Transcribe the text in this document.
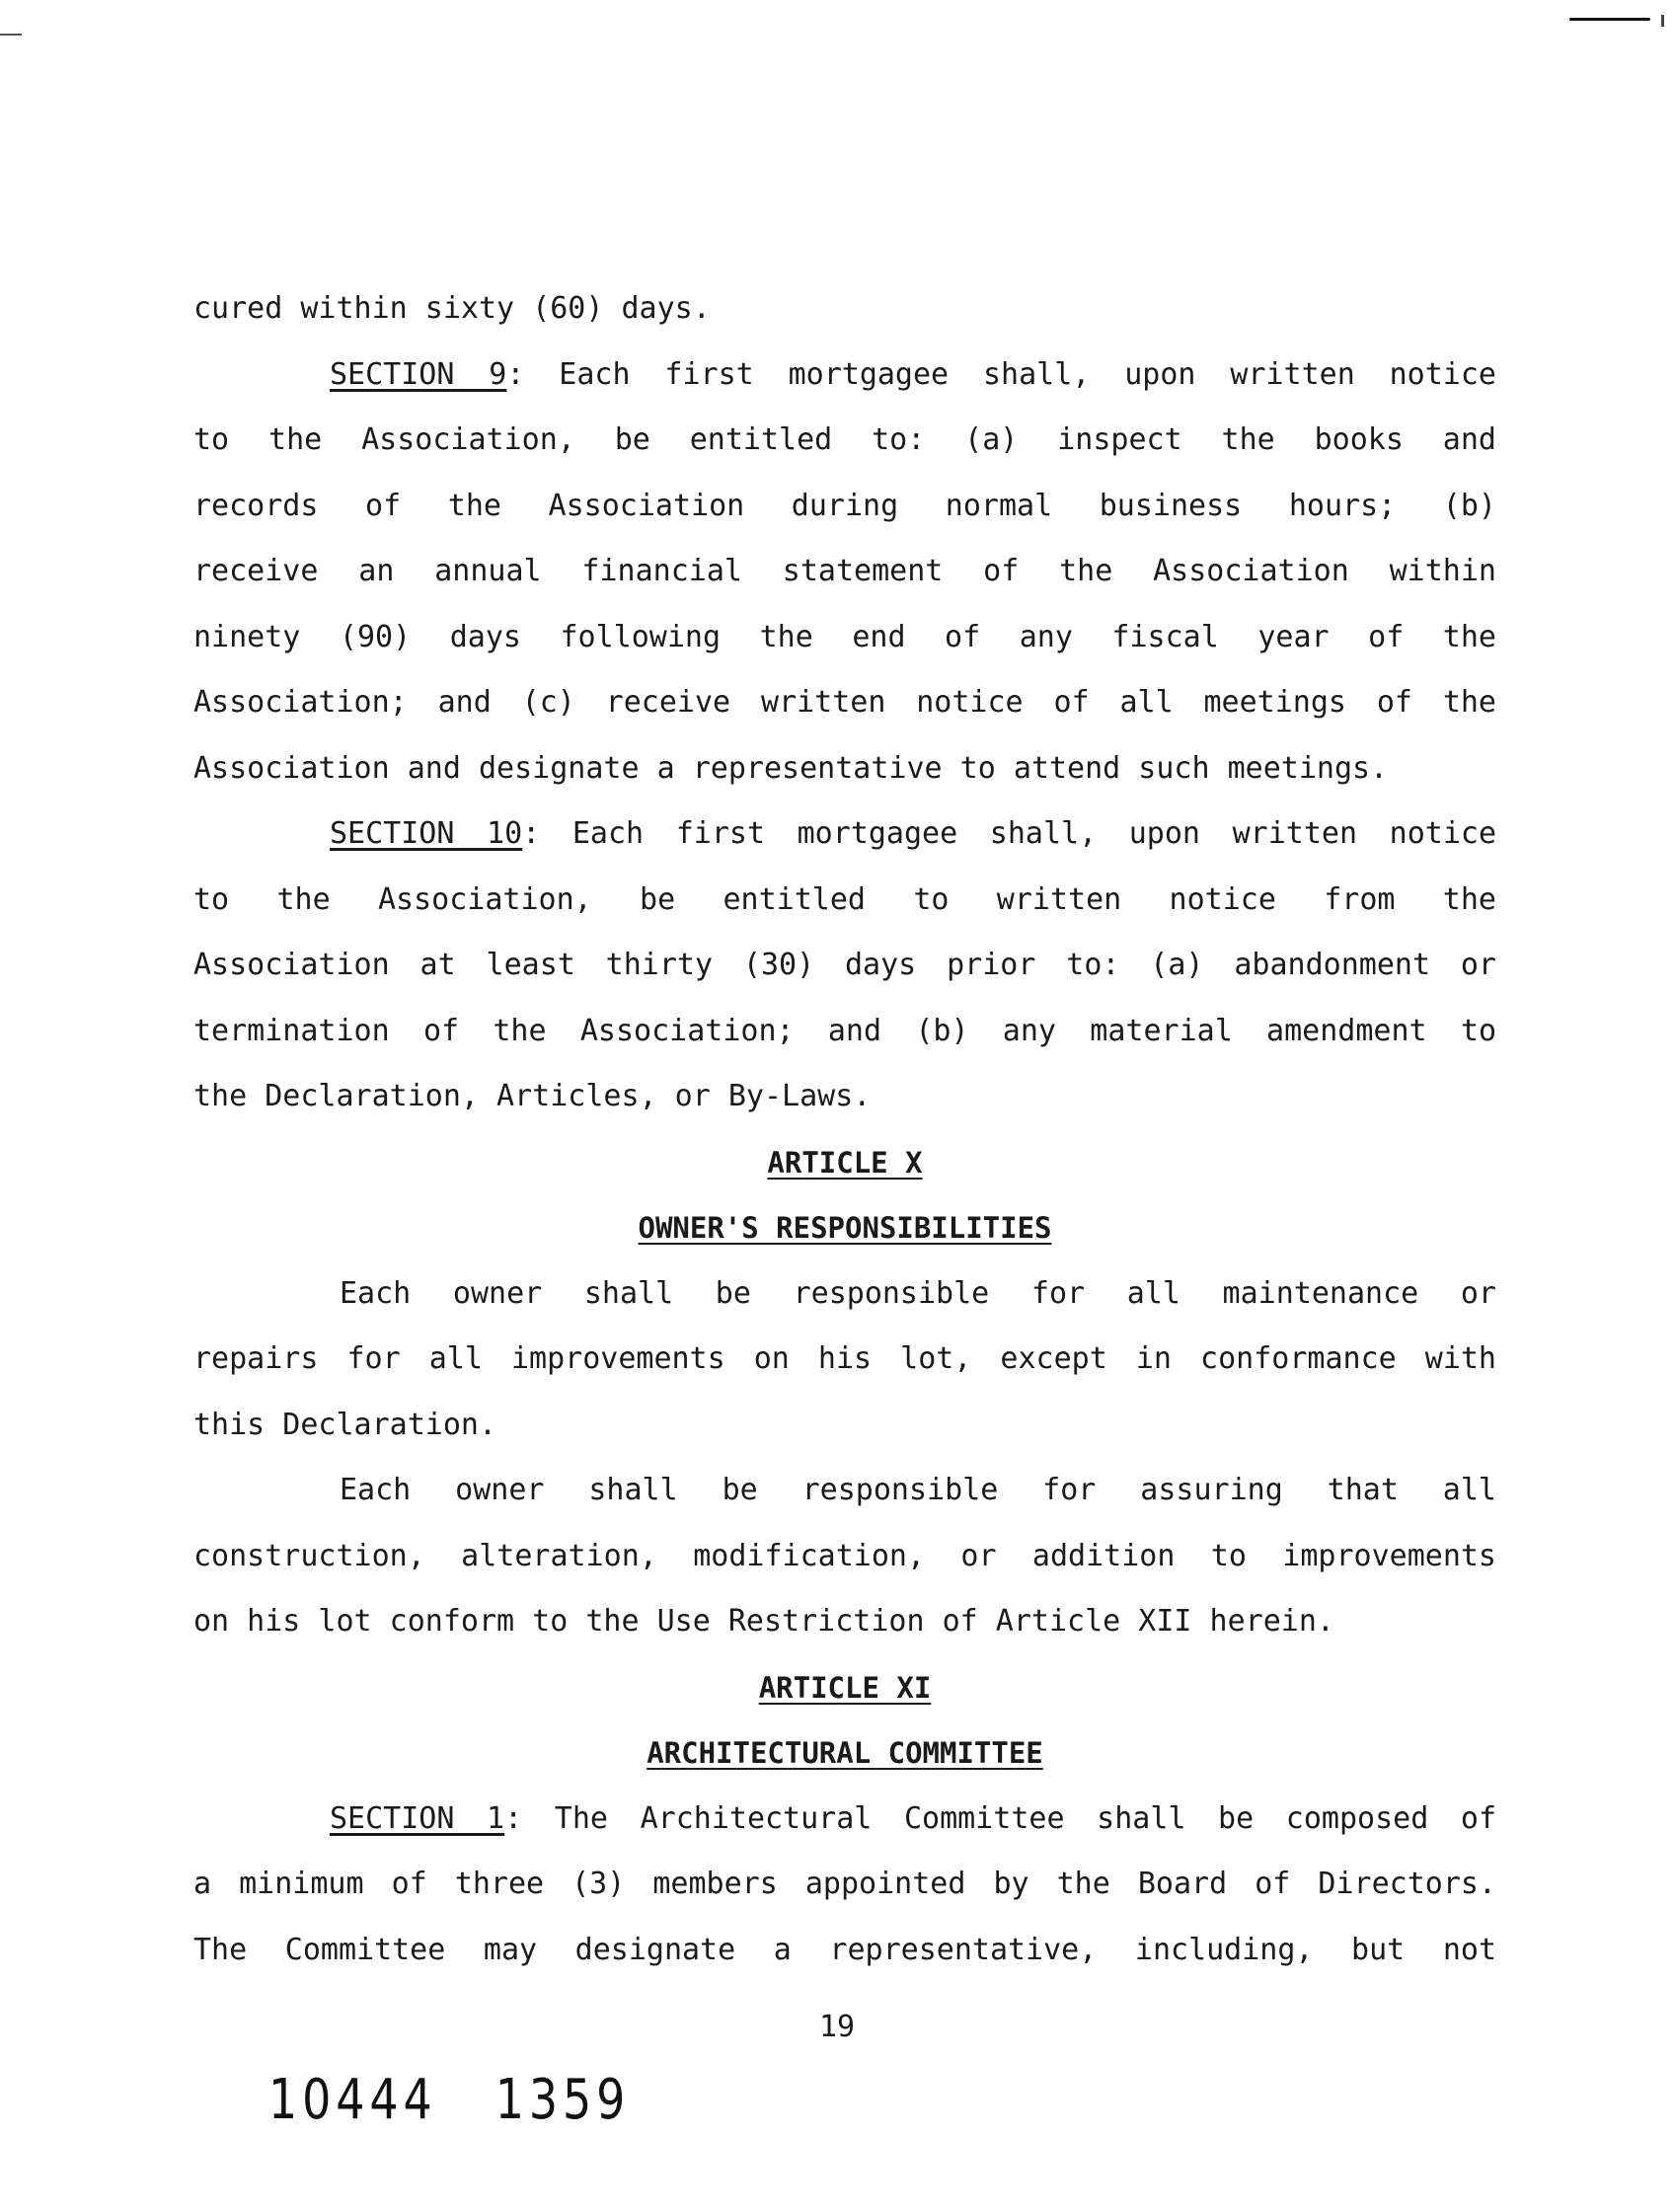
cured within sixty (60) days.
SECTION 9: Each first mortgagee shall, upon written notice
to the Association, be entitled to: (a) inspect the books and
records of the Association during normal business hours; (b)
receive an annual financial statement of the Association within
ninety (90) days following the end of any fiscal year of the
Association; and (c) receive written notice of all meetings of the
Association and designate a representative to attend such meetings.
SECTION 10: Each first mortgagee shall, upon written notice
to the Association, be entitled to written notice from the
Association at least thirty (30) days prior to: (a) abandonment or
termination of the Association; and (b) any material amendment to
the Declaration, Articles, or By-Laws.
ARTICLE X
OWNER'S RESPONSIBILITIES
Each owner shall be responsible for all maintenance or
repairs for all improvements on his lot, except in conformance with
this Declaration.
Each owner shall be responsible for assuring that all
construction, alteration, modification, or addition to improvements
on his lot conform to the Use Restriction of Article XII herein.
ARTICLE XI
ARCHITECTURAL COMMITTEE
SECTION 1: The Architectural Committee shall be composed of
a minimum of three (3) members appointed by the Board of Directors.
The Committee may designate a representative, including, but not
19
10444 1359
